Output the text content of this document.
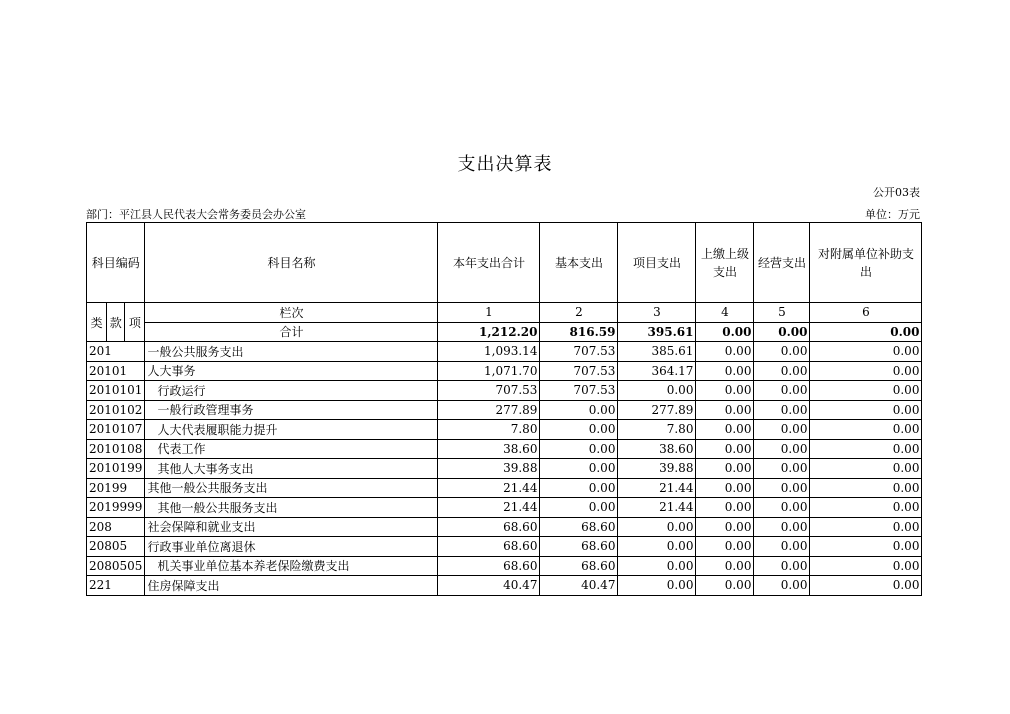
支出决算表
公开03表
部门：平江县人民代表大会常务委员会办公室	单位：万元
科目编码			科目名称	本年支出合计	基本支出	项目支出	上缴上级支出	经营支出	对附属单位补助支出
类	款	项	栏次	1	2	3	4	5	6
			合计	1,212.20	816.59	395.61	0.00	0.00	0.00
201			一般公共服务支出	1,093.14	707.53	385.61	0.00	0.00	0.00
20101			人大事务	1,071.70	707.53	364.17	0.00	0.00	0.00
2010101			行政运行	707.53	707.53	0.00	0.00	0.00	0.00
2010102			一般行政管理事务	277.89	0.00	277.89	0.00	0.00	0.00
2010107			人大代表履职能力提升	7.80	0.00	7.80	0.00	0.00	0.00
2010108			代表工作	38.60	0.00	38.60	0.00	0.00	0.00
2010199			其他人大事务支出	39.88	0.00	39.88	0.00	0.00	0.00
20199			其他一般公共服务支出	21.44	0.00	21.44	0.00	0.00	0.00
2019999			其他一般公共服务支出	21.44	0.00	21.44	0.00	0.00	0.00
208			社会保障和就业支出	68.60	68.60	0.00	0.00	0.00	0.00
20805			行政事业单位离退休	68.60	68.60	0.00	0.00	0.00	0.00
2080505			机关事业单位基本养老保险缴费支出	68.60	68.60	0.00	0.00	0.00	0.00
221			住房保障支出	40.47	40.47	0.00	0.00	0.00	0.00
